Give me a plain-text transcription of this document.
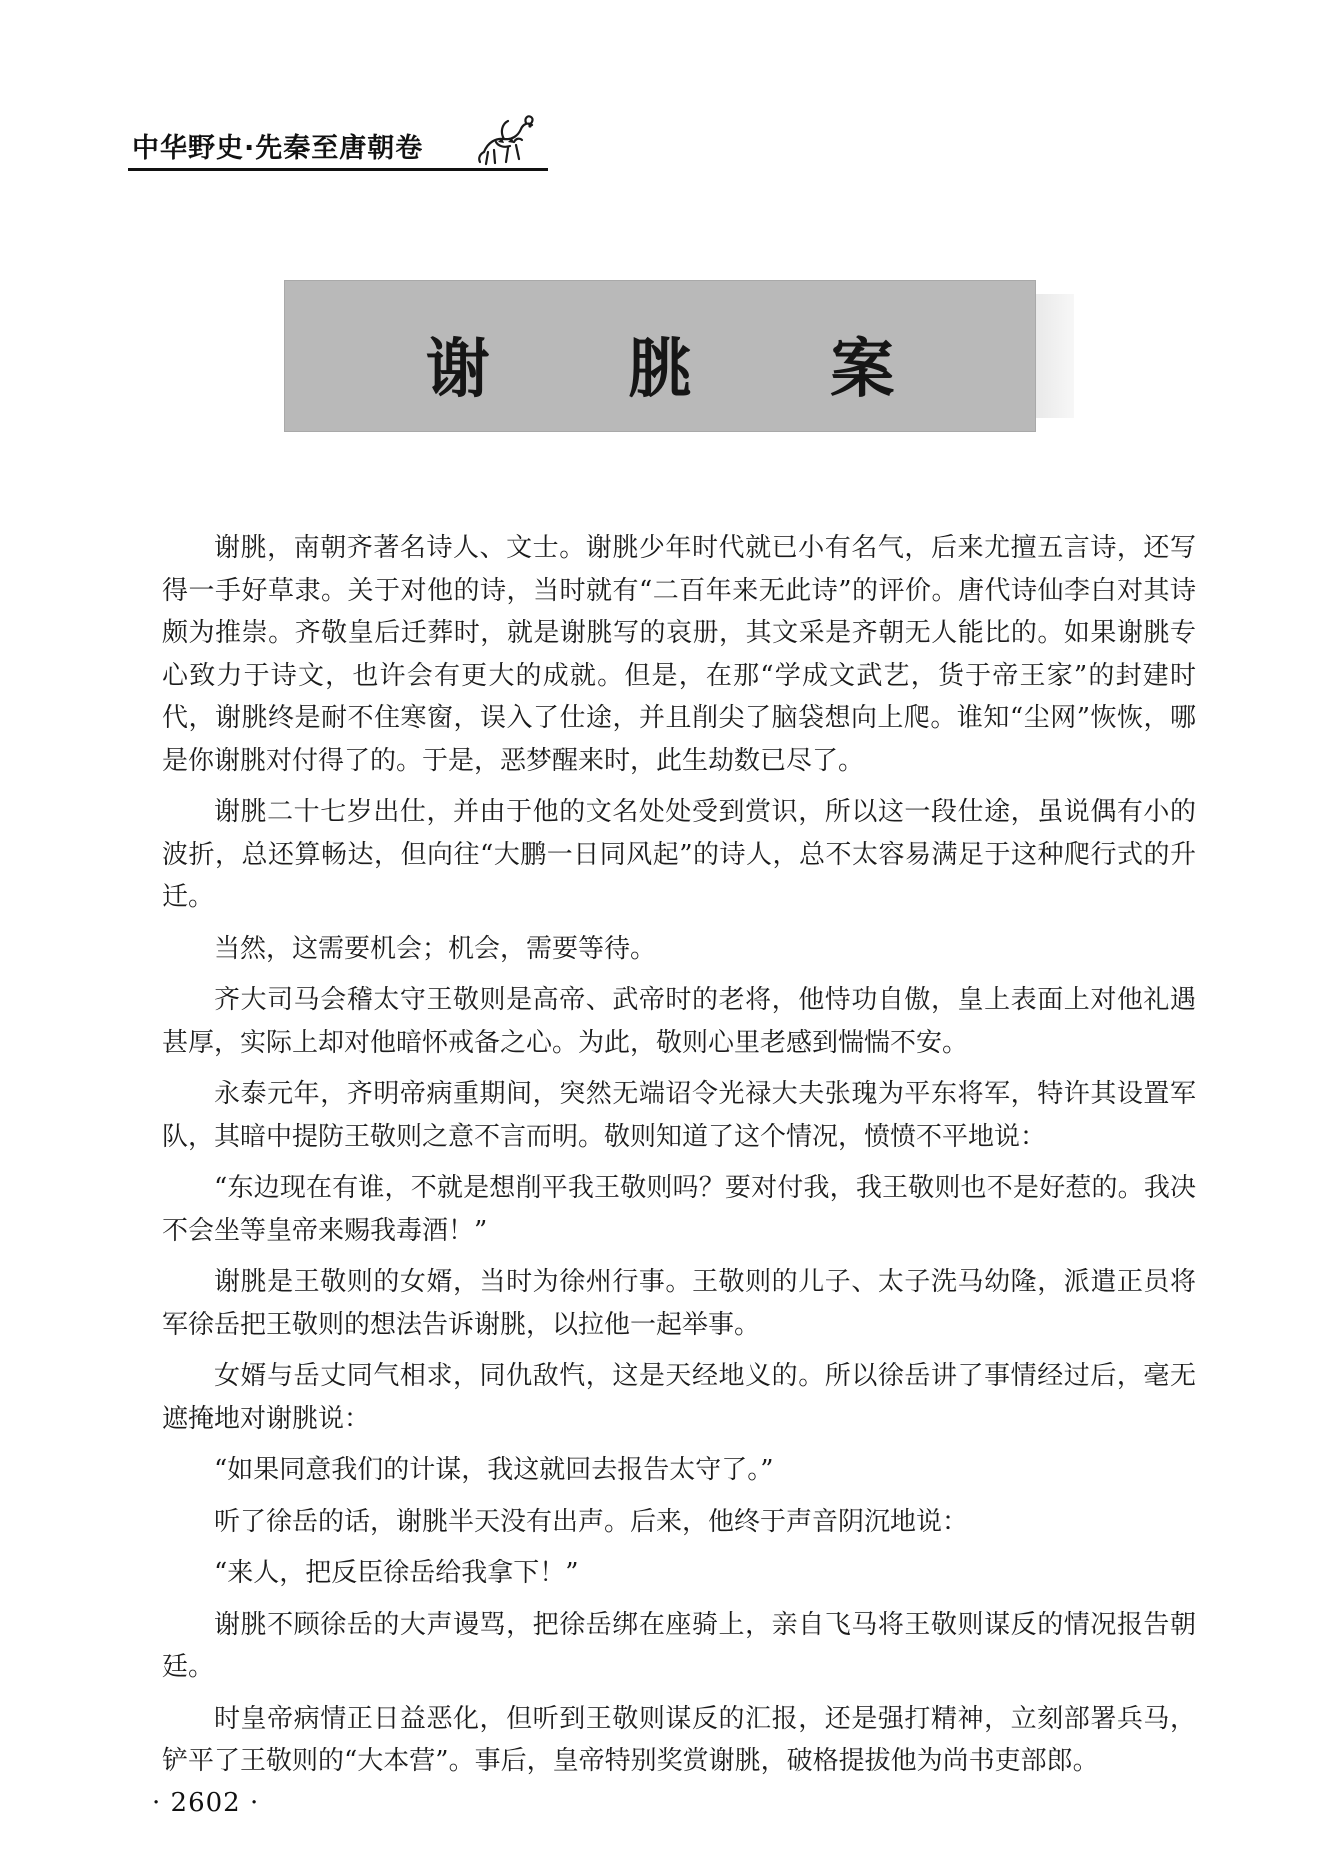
中华野史·先秦至唐朝卷
谢 朓 案

谢朓，南朝齐著名诗人、文士。谢朓少年时代就已小有名气，后来尤擅五言诗，还写得一手好草隶。关于对他的诗，当时就有“二百年来无此诗”的评价。唐代诗仙李白对其诗颇为推崇。齐敬皇后迁葬时，就是谢朓写的哀册，其文采是齐朝无人能比的。如果谢朓专心致力于诗文，也许会有更大的成就。但是，在那“学成文武艺，货于帝王家”的封建时代，谢朓终是耐不住寒窗，误入了仕途，并且削尖了脑袋想向上爬。谁知“尘网”恢恢，哪是你谢朓对付得了的。于是，恶梦醒来时，此生劫数已尽了。

谢朓二十七岁出仕，并由于他的文名处处受到赏识，所以这一段仕途，虽说偶有小的波折，总还算畅达，但向往“大鹏一日同风起”的诗人，总不太容易满足于这种爬行式的升迁。

当然，这需要机会；机会，需要等待。

齐大司马会稽太守王敬则是高帝、武帝时的老将，他恃功自傲，皇上表面上对他礼遇甚厚，实际上却对他暗怀戒备之心。为此，敬则心里老感到惴惴不安。

永泰元年，齐明帝病重期间，突然无端诏令光禄大夫张瑰为平东将军，特许其设置军队，其暗中提防王敬则之意不言而明。敬则知道了这个情况，愤愤不平地说：

“东边现在有谁，不就是想削平我王敬则吗？要对付我，我王敬则也不是好惹的。我决不会坐等皇帝来赐我毒酒！”

谢朓是王敬则的女婿，当时为徐州行事。王敬则的儿子、太子洗马幼隆，派遣正员将军徐岳把王敬则的想法告诉谢朓，以拉他一起举事。

女婿与岳丈同气相求，同仇敌忾，这是天经地义的。所以徐岳讲了事情经过后，毫无遮掩地对谢朓说：

“如果同意我们的计谋，我这就回去报告太守了。”

听了徐岳的话，谢朓半天没有出声。后来，他终于声音阴沉地说：

“来人，把反臣徐岳给我拿下！”

谢朓不顾徐岳的大声谩骂，把徐岳绑在座骑上，亲自飞马将王敬则谋反的情况报告朝廷。

时皇帝病情正日益恶化，但听到王敬则谋反的汇报，还是强打精神，立刻部署兵马，铲平了王敬则的“大本营”。事后，皇帝特别奖赏谢朓，破格提拔他为尚书吏部郎。

· 2602 ·
